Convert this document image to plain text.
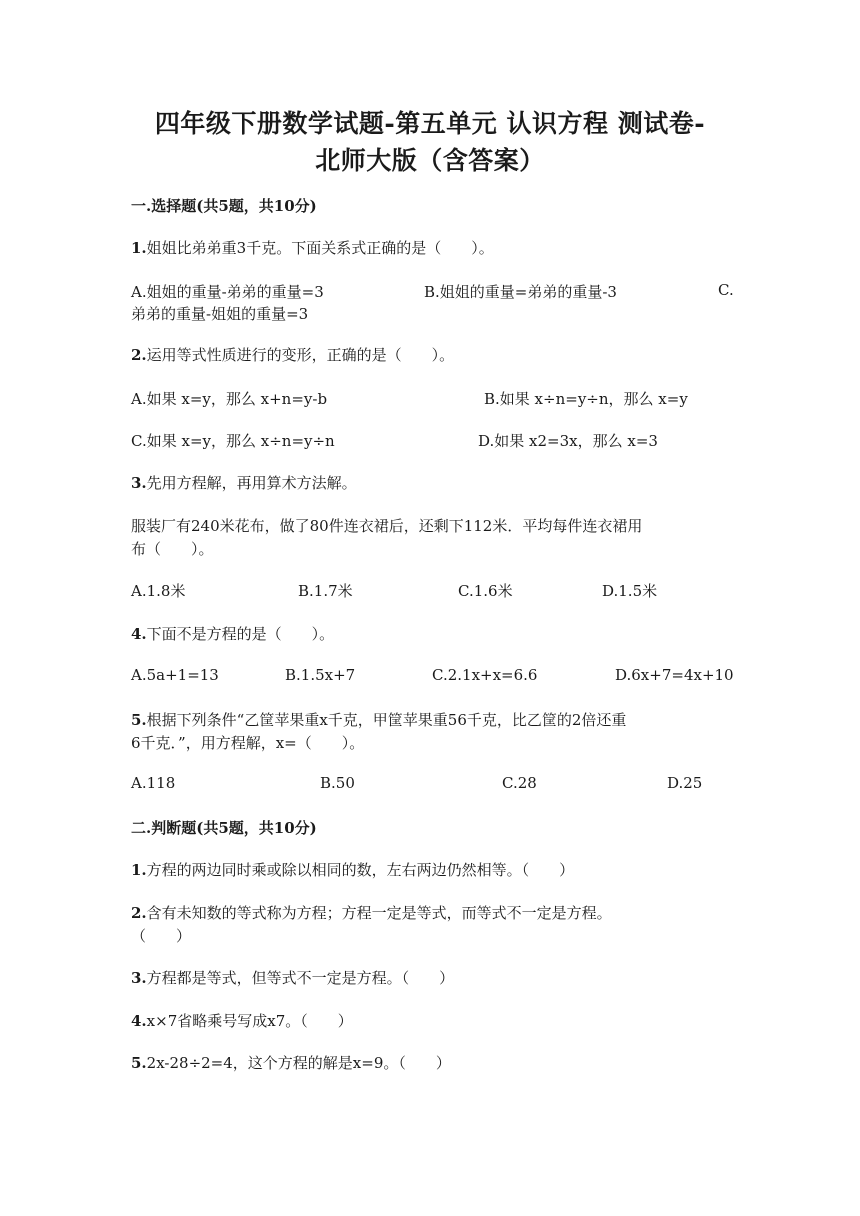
四年级下册数学试题-第五单元 认识方程 测试卷-
北师大版（含答案）
一.选择题(共5题，共10分)
1.姐姐比弟弟重3千克。下面关系式正确的是（　　）。
A.姐姐的重量-弟弟的重量=3	B.姐姐的重量=弟弟的重量-3	C.
弟弟的重量-姐姐的重量=3
2.运用等式性质进行的变形，正确的是（　　）。
A.如果 x=y，那么 x+n=y-b	B.如果 x÷n=y÷n，那么 x=y
C.如果 x=y，那么 x÷n=y÷n	D.如果 x2=3x，那么 x=3
3.先用方程解，再用算术方法解。
服装厂有240米花布，做了80件连衣裙后，还剩下112米．平均每件连衣裙用
布（　　）。
A.1.8米	B.1.7米	C.1.6米	D.1.5米
4.下面不是方程的是（　　）。
A.5a+1=13	B.1.5x+7	C.2.1x+x=6.6	D.6x+7=4x+10
5.根据下列条件“乙筐苹果重x千克，甲筐苹果重56千克，比乙筐的2倍还重
6千克．”，用方程解，x=（　　）。
A.118	B.50	C.28	D.25
二.判断题(共5题，共10分)
1.方程的两边同时乘或除以相同的数，左右两边仍然相等。（　　）
2.含有未知数的等式称为方程；方程一定是等式，而等式不一定是方程。
（　　）
3.方程都是等式，但等式不一定是方程。（　　）
4.x×7省略乘号写成x7。（　　）
5.2x-28÷2=4，这个方程的解是x=9。（　　）
